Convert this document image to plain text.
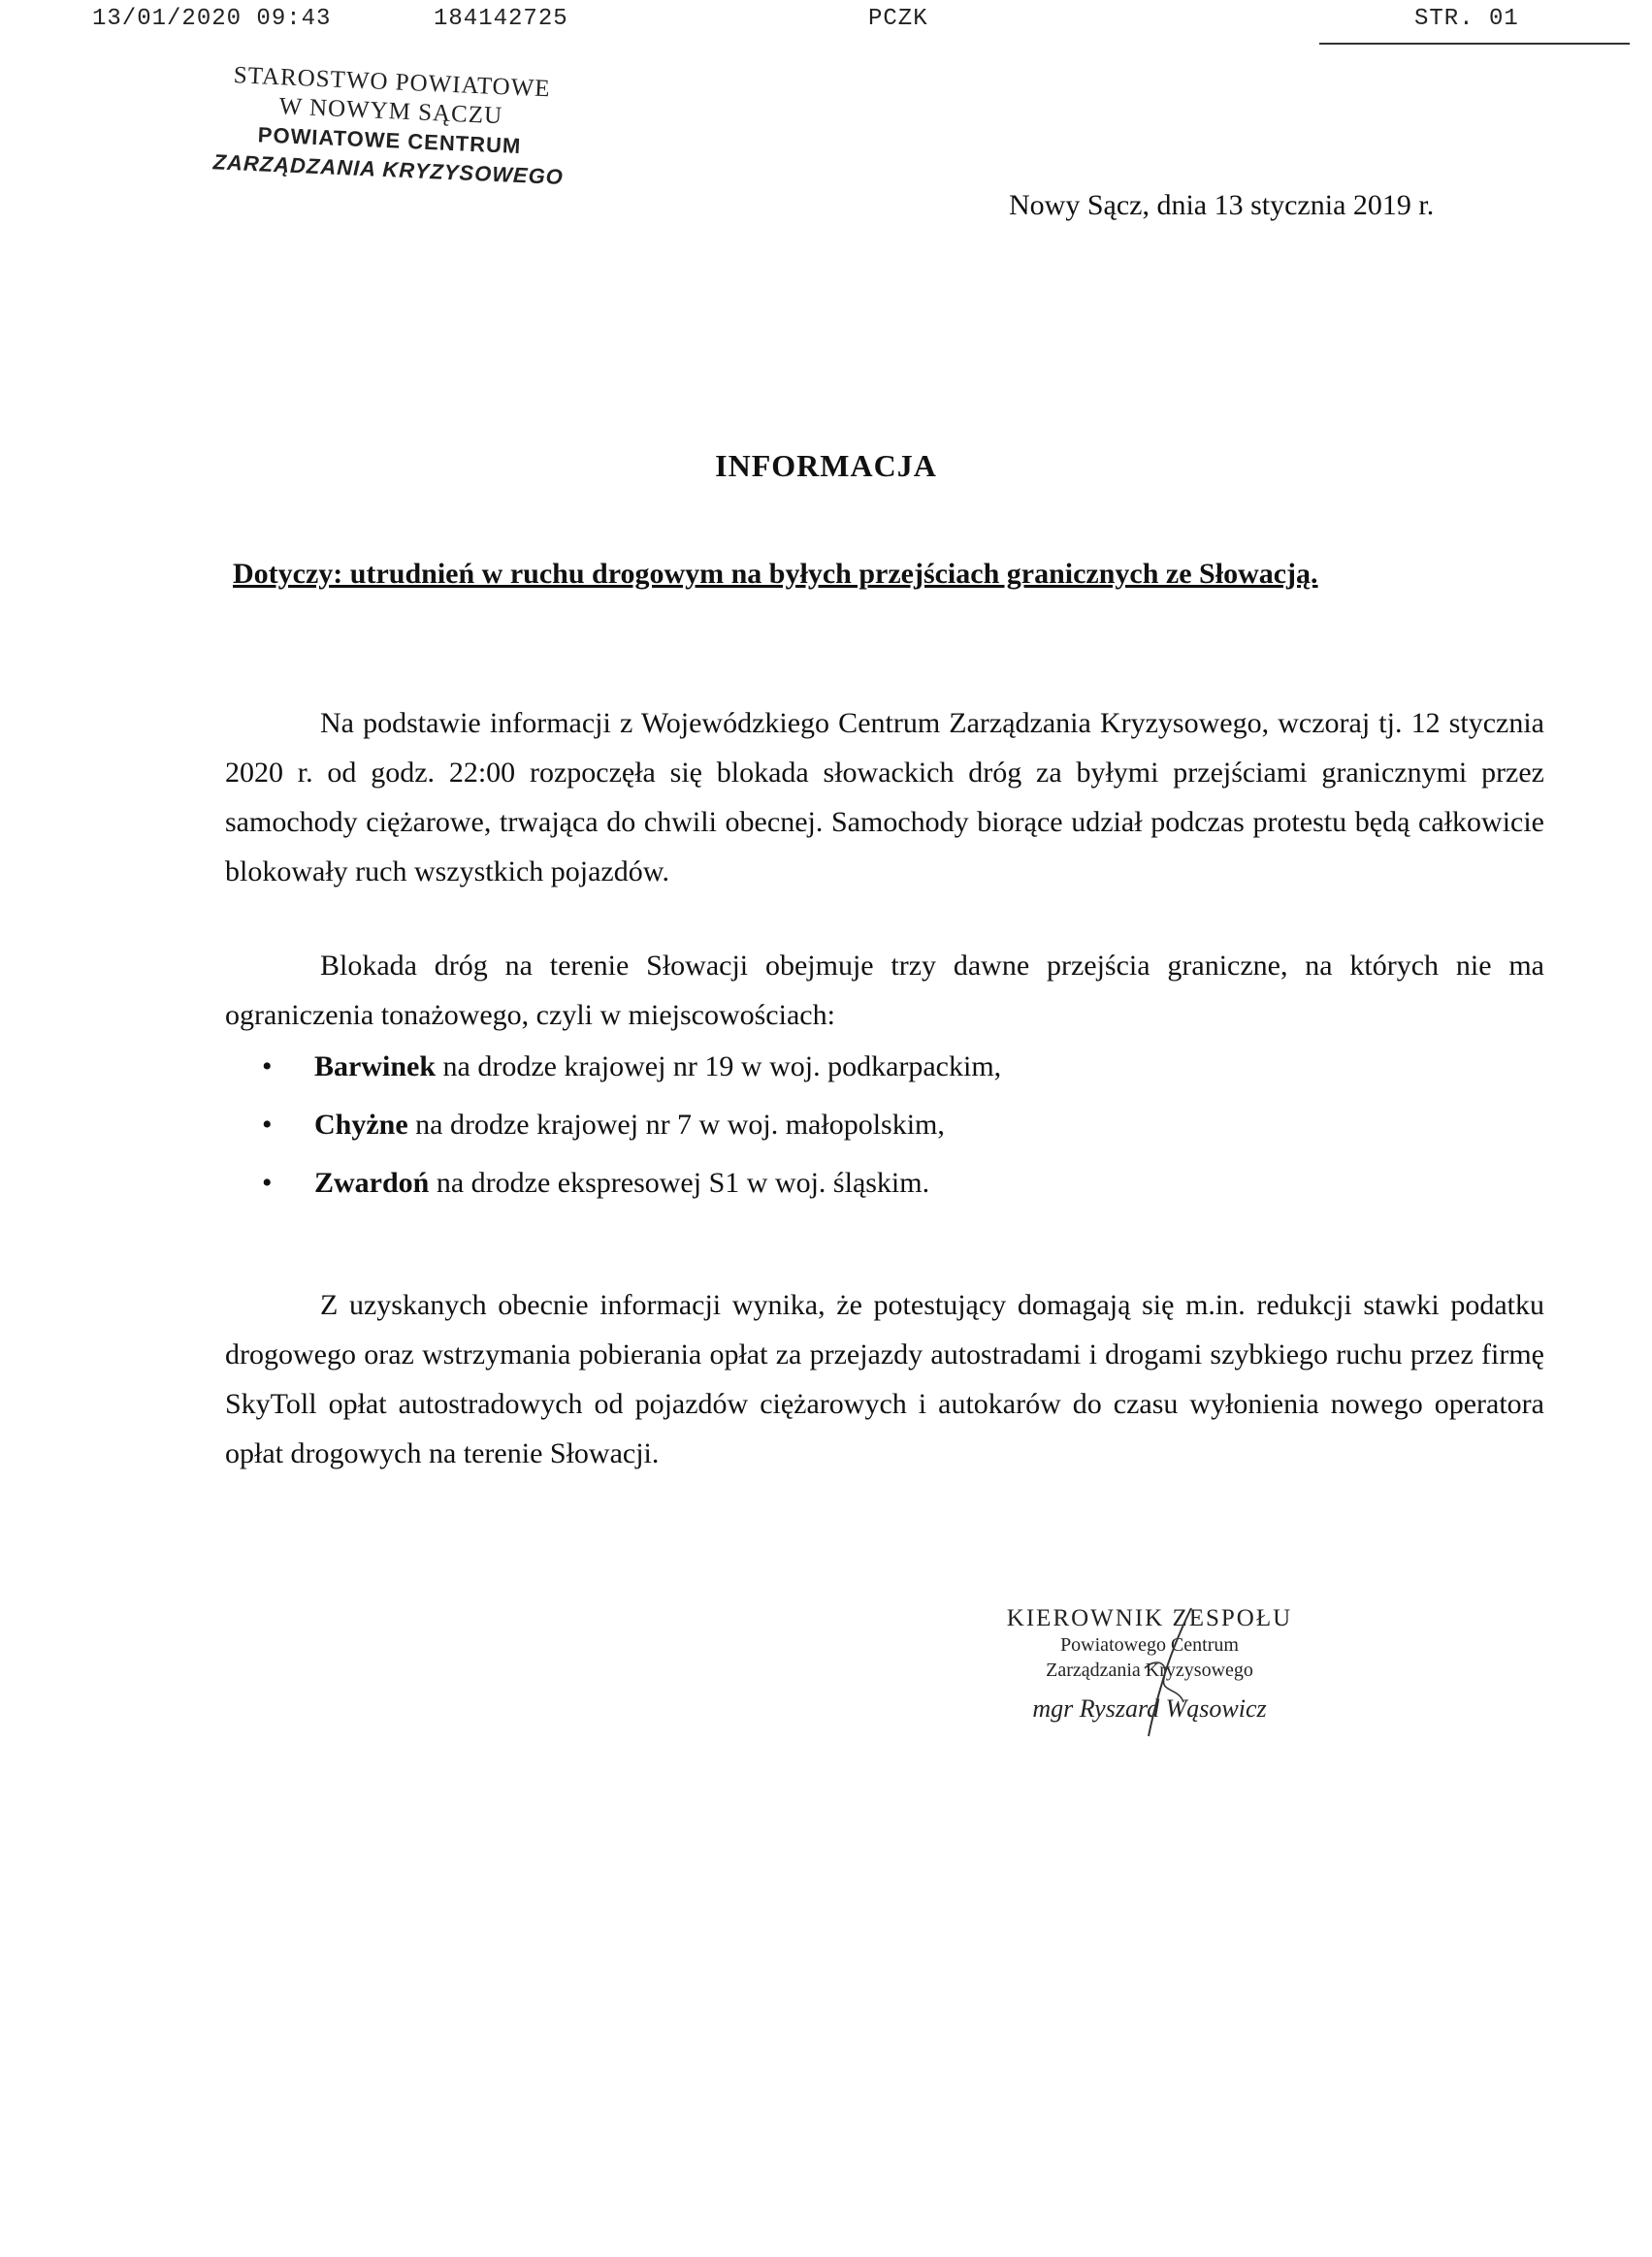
13/01/2020 09:43	184142725	PCZK	STR. 01
STAROSTWO POWIATOWE
W NOWYM SĄCZU
POWIATOWE CENTRUM
ZARZĄDZANIA KRYZYSOWEGO
Nowy Sącz, dnia 13 stycznia 2019 r.
INFORMACJA
Dotyczy: utrudnień w ruchu drogowym na byłych przejściach granicznych ze Słowacją.
Na podstawie informacji z Wojewódzkiego Centrum Zarządzania Kryzysowego, wczoraj tj. 12 stycznia 2020 r. od godz. 22:00 rozpoczęła się blokada słowackich dróg za byłymi przejściami granicznymi przez samochody ciężarowe, trwająca do chwili obecnej. Samochody biorące udział podczas protestu będą całkowicie blokowały ruch wszystkich pojazdów.
Blokada dróg na terenie Słowacji obejmuje trzy dawne przejścia graniczne, na których nie ma ograniczenia tonażowego, czyli w miejscowościach:
• Barwinek na drodze krajowej nr 19 w woj. podkarpackim,
• Chyżne na drodze krajowej nr 7 w woj. małopolskim,
• Zwardoń na drodze ekspresowej S1 w woj. śląskim.
Z uzyskanych obecnie informacji wynika, że potestujący domagają się m.in. redukcji stawki podatku drogowego oraz wstrzymania pobierania opłat za przejazdy autostradami i drogami szybkiego ruchu przez firmę SkyToll opłat autostradowych od pojazdów ciężarowych i autokarów do czasu wyłonienia nowego operatora opłat drogowych na terenie Słowacji.
KIEROWNIK ZESPOŁU
Powiatowego Centrum
Zarządzania Kryzysowego
mgr Ryszard Wąsowicz
